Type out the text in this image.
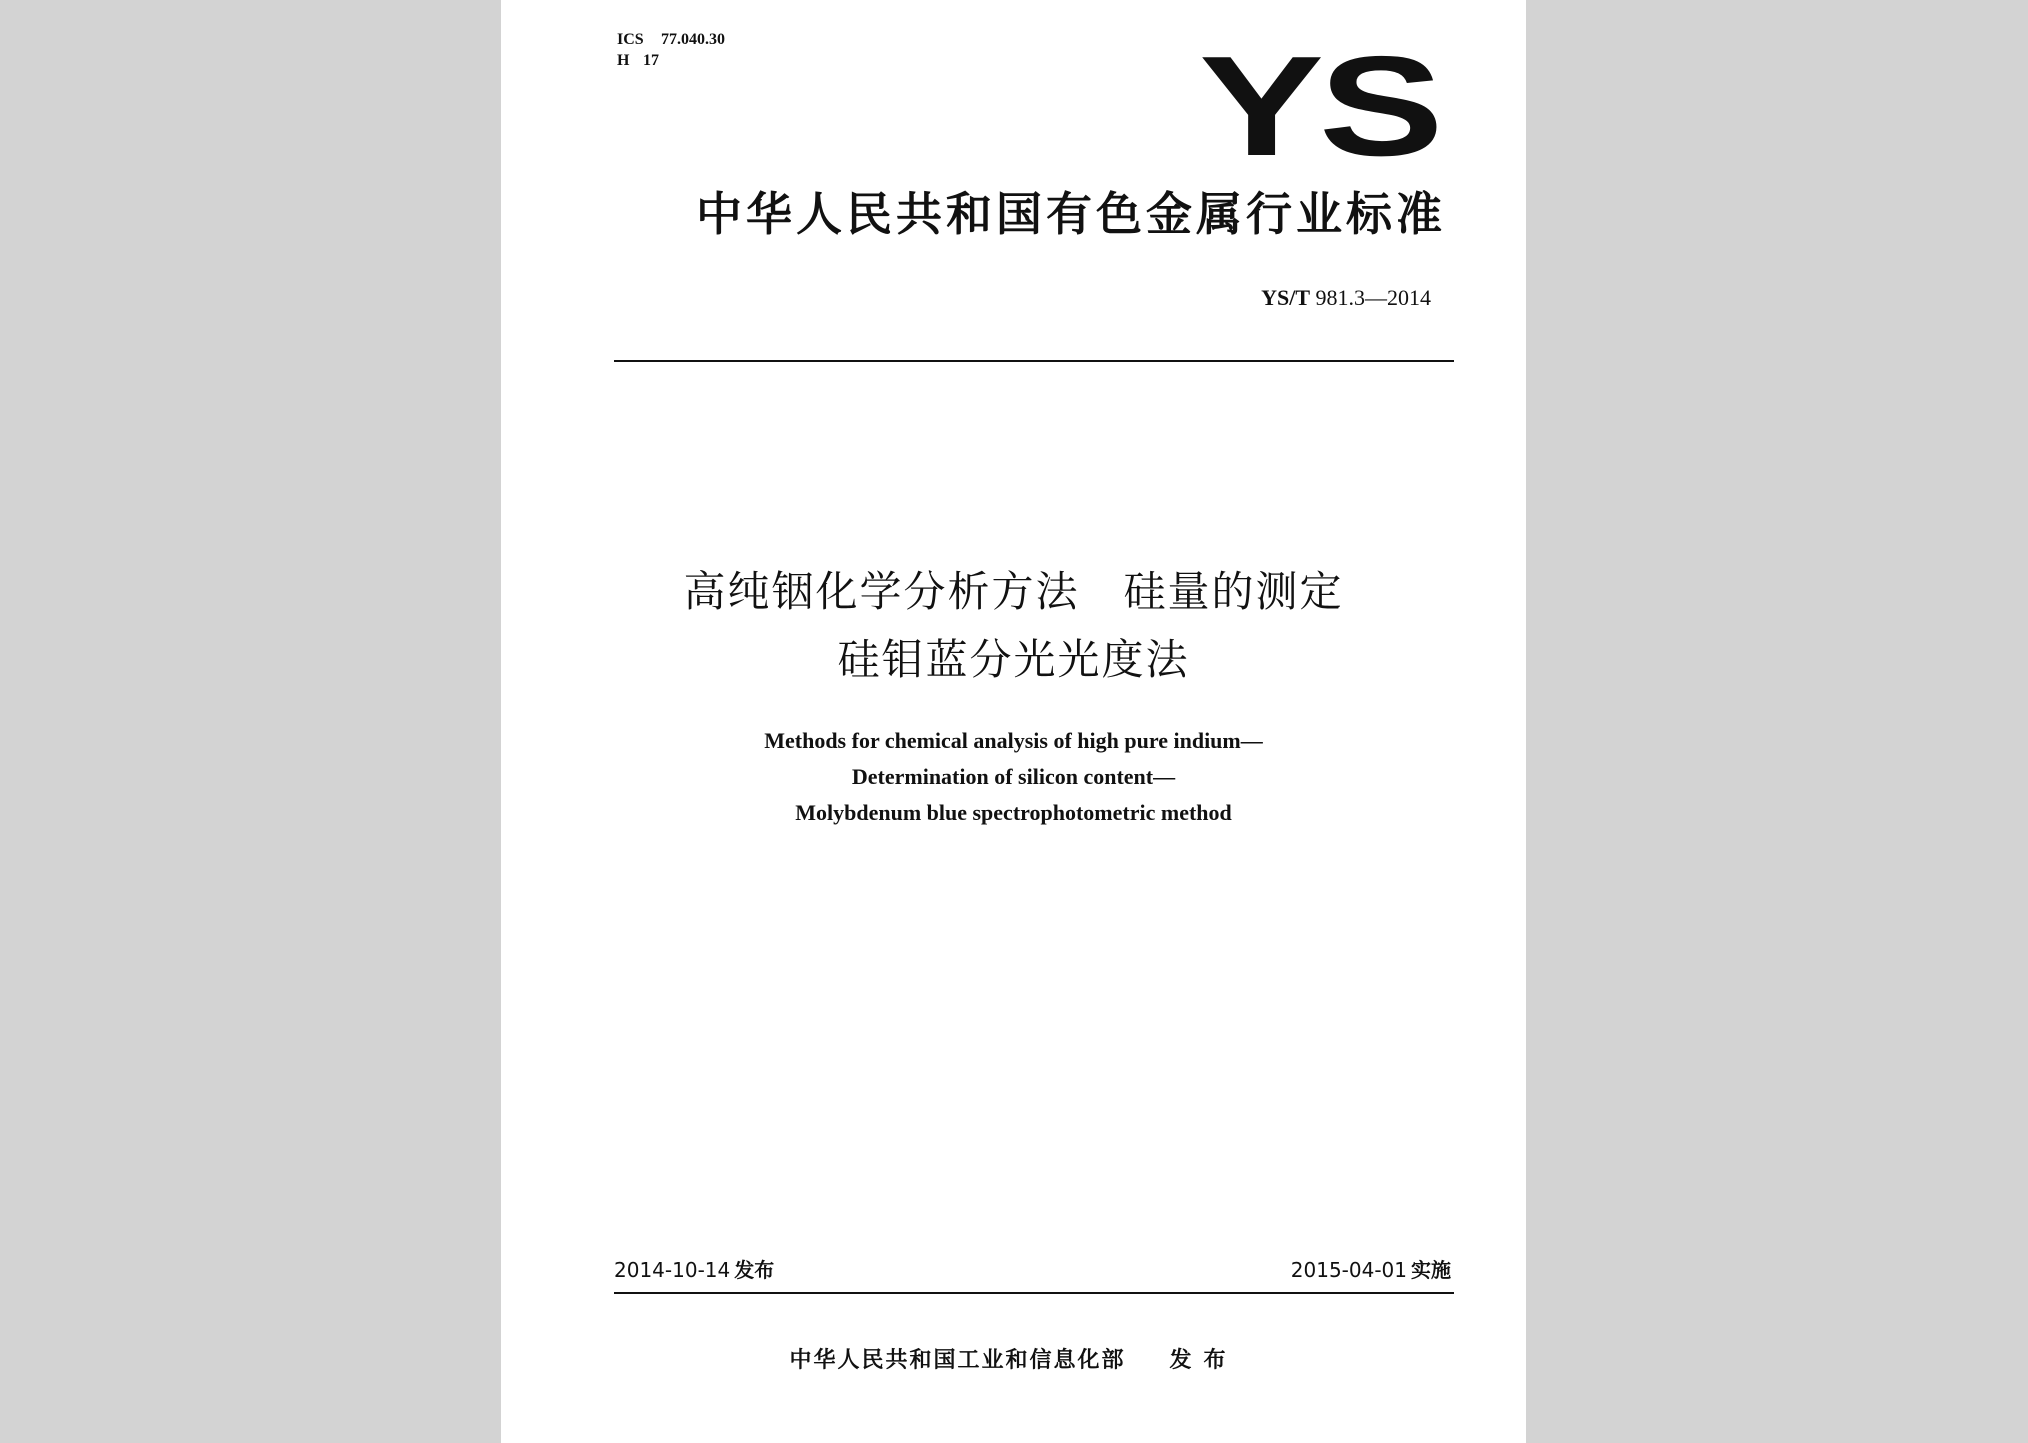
ICS 77.040.30
H 17	YS
中华人民共和国有色金属行业标准
YS/T 981.3—2014
高纯铟化学分析方法　硅量的测定
硅钼蓝分光光度法
Methods for chemical analysis of high pure indium—
Determination of silicon content—
Molybdenum blue spectrophotometric method
2014-10-14 发布	2015-04-01 实施
中华人民共和国工业和信息化部 发布
